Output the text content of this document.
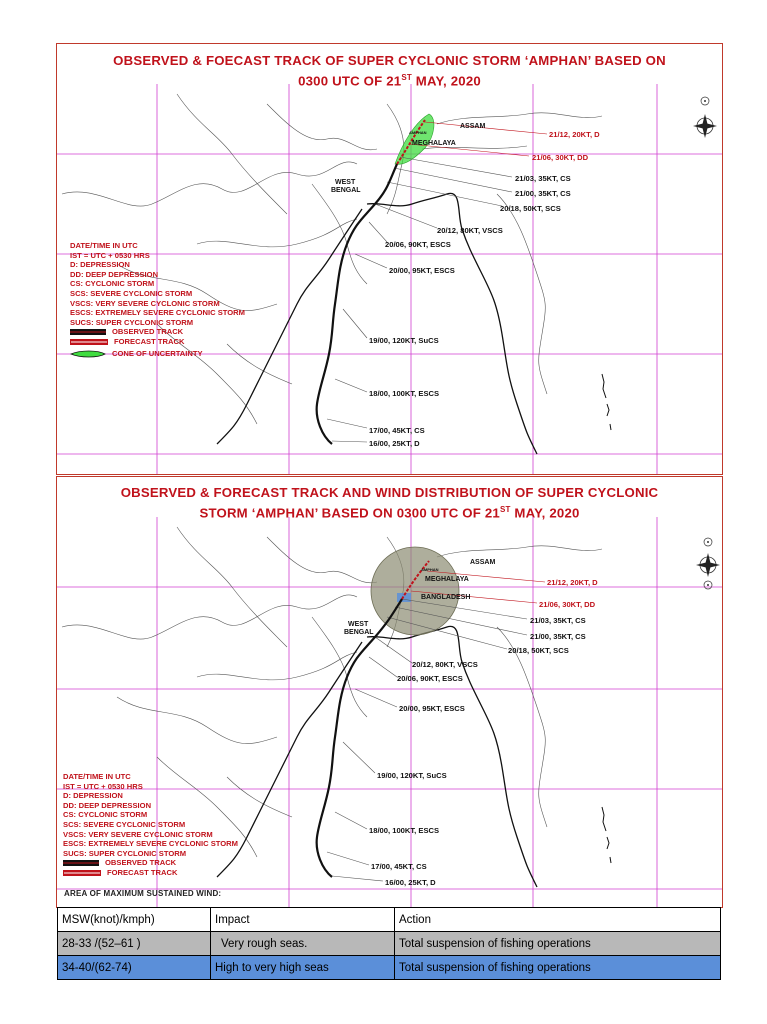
OBSERVED & FOECAST TRACK OF SUPER CYCLONIC STORM ‘AMPHAN’ BASED ON
0300 UTC OF 21ST MAY, 2020
ASSAM
MEGHALAYA
WEST
BENGAL
AMPHAN	21/12, 20KT, D
21/06, 30KT, DD
21/03, 35KT, CS
21/00, 35KT, CS
20/18, 50KT, SCS
20/12, 80KT, VSCS
20/06, 90KT, ESCS
20/00, 95KT, ESCS
19/00, 120KT, SuCS
18/00, 100KT, ESCS
17/00, 45KT, CS
16/00, 25KT, D
DATE/TIME IN UTC
IST = UTC + 0530 HRS
D: DEPRESSION
DD: DEEP DEPRESSION
CS: CYCLONIC STORM
SCS: SEVERE CYCLONIC STORM
VSCS: VERY SEVERE CYCLONIC STORM
ESCS: EXTREMELY SEVERE CYCLONIC STORM
SUCS: SUPER CYCLONIC STORM
OBSERVED TRACK
FORECAST TRACK
CONE OF UNCERTAINTY
OBSERVED & FORECAST TRACK AND WIND DISTRIBUTION OF SUPER CYCLONIC
STORM ‘AMPHAN’ BASED ON 0300 UTC OF 21ST MAY, 2020
ASSAM
MEGHALAYA
BANGLADESH
WEST
BENGAL
AMPHAN
21/12, 20KT, D
21/06, 30KT, DD
21/03, 35KT, CS
21/00, 35KT, CS
20/18, 50KT, SCS
20/12, 80KT, VSCS
20/06, 90KT, ESCS
20/00, 95KT, ESCS
19/00, 120KT, SuCS
18/00, 100KT, ESCS
17/00, 45KT, CS
16/00, 25KT, D
DATE/TIME IN UTC
IST = UTC + 0530 HRS
D: DEPRESSION
DD: DEEP DEPRESSION
CS: CYCLONIC STORM
SCS: SEVERE CYCLONIC STORM
VSCS: VERY SEVERE CYCLONIC STORM
ESCS: EXTREMELY SEVERE CYCLONIC STORM
SUCS: SUPER CYCLONIC STORM
OBSERVED TRACK
FORECAST TRACK
AREA OF MAXIMUM SUSTAINED WIND:
MSW(knot)/kmph)	Impact	Action
28-33 /(52–61 )	Very rough seas.	Total suspension of fishing operations
34-40/(62-74)	High to very high seas	Total suspension of fishing operations
